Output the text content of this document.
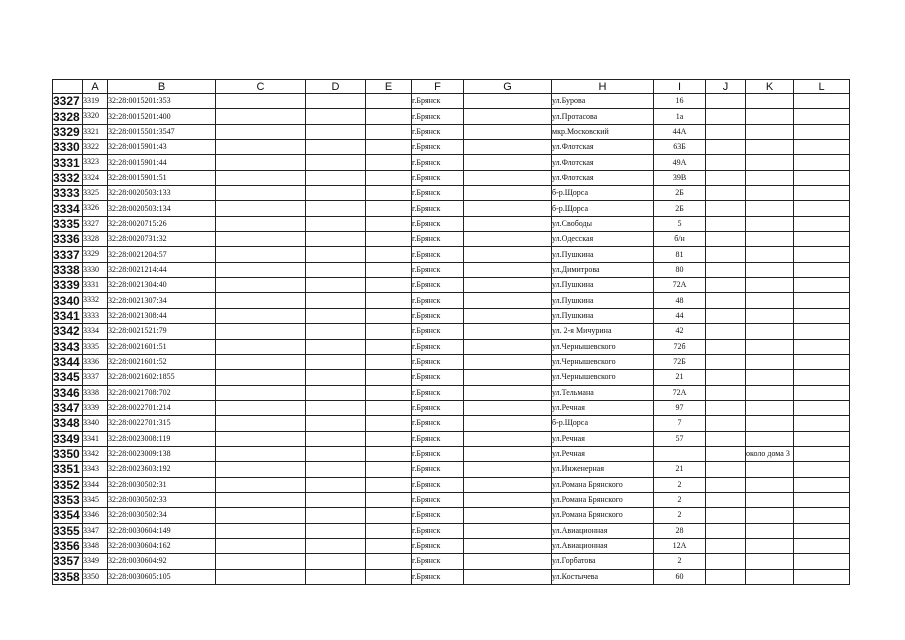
	A	B	C	D	E	F	G	H	I	J	K	L
3327	3319	32:28:0015201:353				г.Брянск		ул.Бурова	16			
3328	3320	32:28:0015201:400				г.Брянск		ул.Протасова	1а			
3329	3321	32:28:0015501:3547				г.Брянск		мкр.Московский	44А			
3330	3322	32:28:0015901:43				г.Брянск		ул.Флотская	63Б			
3331	3323	32:28:0015901:44				г.Брянск		ул.Флотская	49А			
3332	3324	32:28:0015901:51				г.Брянск		ул.Флотская	39В			
3333	3325	32:28:0020503:133				г.Брянск		б-р.Щорса	2Б			
3334	3326	32:28:0020503:134				г.Брянск		б-р.Щорса	2Б			
3335	3327	32:28:0020715:26				г.Брянск		ул.Свободы	5			
3336	3328	32:28:0020731:32				г.Брянск		ул.Одесская	б/н			
3337	3329	32:28:0021204:57				г.Брянск		ул.Пушкина	81			
3338	3330	32:28:0021214:44				г.Брянск		ул.Димитрова	80			
3339	3331	32:28:0021304:40				г.Брянск		ул.Пушкина	72А			
3340	3332	32:28:0021307:34				г.Брянск		ул.Пушкина	48			
3341	3333	32:28:0021308:44				г.Брянск		ул.Пушкина	44			
3342	3334	32:28:0021521:79				г.Брянск		ул. 2-я Мичурина	42			
3343	3335	32:28:0021601:51				г.Брянск		ул.Чернышевского	72б			
3344	3336	32:28:0021601:52				г.Брянск		ул.Чернышевского	72Б			
3345	3337	32:28:0021602:1855				г.Брянск		ул.Чернышевского	21			
3346	3338	32:28:0021708:702				г.Брянск		ул.Тельмана	72А			
3347	3339	32:28:0022701:214				г.Брянск		ул.Речная	97			
3348	3340	32:28:0022701:315				г.Брянск		б-р.Щорса	7			
3349	3341	32:28:0023008:119				г.Брянск		ул.Речная	57			
3350	3342	32:28:0023009:138				г.Брянск		ул.Речная			около дома 3	
3351	3343	32:28:0023603:192				г.Брянск		ул.Инженерная	21			
3352	3344	32:28:0030502:31				г.Брянск		ул.Романа Брянского	2			
3353	3345	32:28:0030502:33				г.Брянск		ул.Романа Брянского	2			
3354	3346	32:28:0030502:34				г.Брянск		ул.Романа Брянского	2			
3355	3347	32:28:0030604:149				г.Брянск		ул.Авиационная	28			
3356	3348	32:28:0030604:162				г.Брянск		ул.Авиационная	12А			
3357	3349	32:28:0030604:92				г.Брянск		ул.Горбатова	2			
3358	3350	32:28:0030605:105				г.Брянск		ул.Костычева	60			
